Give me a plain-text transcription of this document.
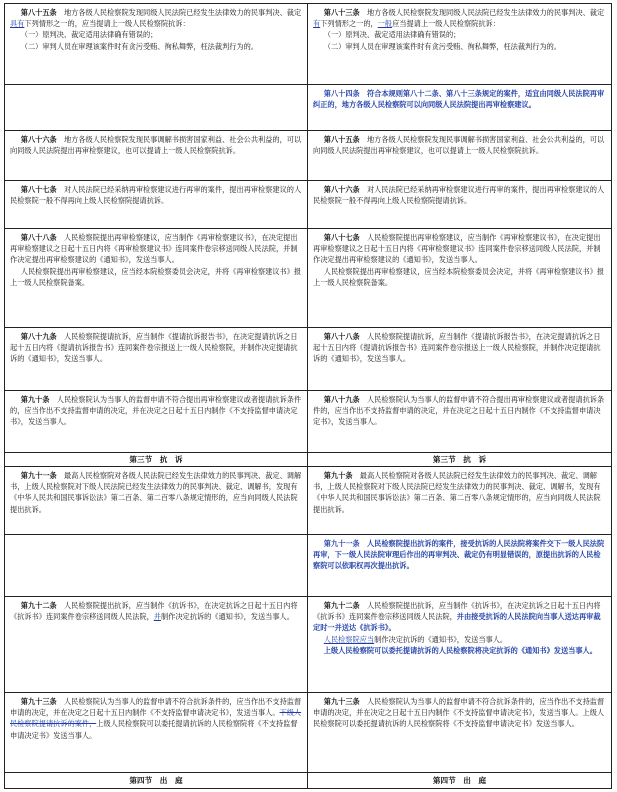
第八十五条　地方各级人民检察院发现同级人民法院已经发生法律效力的民事判决、裁定具有下列情形之一的，应当提请上一级人民检察院抗诉：
（一）原判决、裁定适用法律确有错误的；
（二）审判人员在审理该案件时有贪污受贿、徇私舞弊，枉法裁判行为的。
第八十三条　地方各级人民检察院发现同级人民法院已经发生法律效力的民事判决、裁定有下列情形之一的，一般应当提请上一级人民检察院抗诉：
（一）原判决、裁定适用法律确有错误的；
（二）审判人员在审理该案件时有贪污受贿、徇私舞弊，枉法裁判行为的。
第八十四条　符合本规则第八十二条、第八十三条规定的案件，适宜由同级人民法院再审纠正的，地方各级人民检察院可以向同级人民法院提出再审检察建议。
第八十六条　地方各级人民检察院发现民事调解书损害国家利益、社会公共利益的，可以向同级人民法院提出再审检察建议，也可以提请上一级人民检察院抗诉。
第八十五条　地方各级人民检察院发现民事调解书损害国家利益、社会公共利益的，可以向同级人民法院提出再审检察建议，也可以提请上一级人民检察院抗诉。
第八十七条　对人民法院已经采纳再审检察建议进行再审的案件，提出再审检察建议的人民检察院一般不得再向上级人民检察院提请抗诉。
第八十六条　对人民法院已经采纳再审检察建议进行再审的案件，提出再审检察建议的人民检察院一般不得再向上级人民检察院提请抗诉。
第八十八条　人民检察院提出再审检察建议，应当制作《再审检察建议书》，在决定提出再审检察建议之日起十五日内将《再审检察建议书》连同案件卷宗移送同级人民法院，并制作决定提出再审检察建议的《通知书》，发送当事人。
人民检察院提出再审检察建议，应当经本院检察委员会决定，并将《再审检察建议书》报上一级人民检察院备案。
第八十七条　人民检察院提出再审检察建议，应当制作《再审检察建议书》，在决定提出再审检察建议之日起十五日内将《再审检察建议书》连同案件卷宗移送同级人民法院，并制作决定提出再审检察建议的《通知书》，发送当事人。
人民检察院提出再审检察建议，应当经本院检察委员会决定，并将《再审检察建议书》报上一级人民检察院备案。
第八十九条　人民检察院提请抗诉，应当制作《提请抗诉报告书》，在决定提请抗诉之日起十五日内将《提请抗诉报告书》连同案件卷宗报送上一级人民检察院，并制作决定提请抗诉的《通知书》，发送当事人。
第八十八条　人民检察院提请抗诉，应当制作《提请抗诉报告书》，在决定提请抗诉之日起十五日内将《提请抗诉报告书》连同案件卷宗报送上一级人民检察院，并制作决定提请抗诉的《通知书》，发送当事人。
第九十条　人民检察院认为当事人的监督申请不符合提出再审检察建议或者提请抗诉条件的，应当作出不支持监督申请的决定，并在决定之日起十五日内制作《不支持监督申请决定书》，发送当事人。
第八十九条　人民检察院认为当事人的监督申请不符合提出再审检察建议或者提请抗诉条件的，应当作出不支持监督申请的决定，并在决定之日起十五日内制作《不支持监督申请决定书》，发送当事人。
第三节　抗　诉	第三节　抗　诉
第九十一条　最高人民检察院对各级人民法院已经发生法律效力的民事判决、裁定、调解书，上级人民检察院对下级人民法院已经发生法律效力的民事判决、裁定、调解书，发现有《中华人民共和国民事诉讼法》第二百条、第二百零八条规定情形的，应当向同级人民法院提出抗诉。
第九十条　最高人民检察院对各级人民法院已经发生法律效力的民事判决、裁定、调解书，上级人民检察院对下级人民法院已经发生法律效力的民事判决、裁定、调解书，发现有《中华人民共和国民事诉讼法》第二百条、第二百零八条规定情形的，应当向同级人民法院提出抗诉。
第九十一条　人民检察院提出抗诉的案件，接受抗诉的人民法院将案件交下一级人民法院再审，下一级人民法院审理后作出的再审判决、裁定仍有明显错误的，原提出抗诉的人民检察院可以依职权再次提出抗诉。
第九十二条　人民检察院提出抗诉，应当制作《抗诉书》，在决定抗诉之日起十五日内将《抗诉书》连同案件卷宗移送同级人民法院，并制作决定抗诉的《通知书》，发送当事人。
第九十二条　人民检察院提出抗诉，应当制作《抗诉书》，在决定抗诉之日起十五日内将《抗诉书》连同案件卷宗移送同级人民法院，并由接受抗诉的人民法院向当事人送达再审裁定时一并送达《抗诉书》。
人民检察院应当制作决定抗诉的《通知书》，发送当事人。
上级人民检察院可以委托提请抗诉的人民检察院将决定抗诉的《通知书》发送当事人。
第九十三条　人民检察院认为当事人的监督申请不符合抗诉条件的，应当作出不支持监督申请的决定，并在决定之日起十五日内制作《不支持监督申请决定书》，发送当事人。下级人民检察院提请抗诉的案件，上级人民检察院可以委托提请抗诉的人民检察院将《不支持监督申请决定书》发送当事人。
第九十三条　人民检察院认为当事人的监督申请不符合抗诉条件的，应当作出不支持监督申请的决定，并在决定之日起十五日内制作《不支持监督申请决定书》，发送当事人。上级人民检察院可以委托提请抗诉的人民检察院将《不支持监督申请决定书》发送当事人。
第四节　出　庭	第四节　出　庭
